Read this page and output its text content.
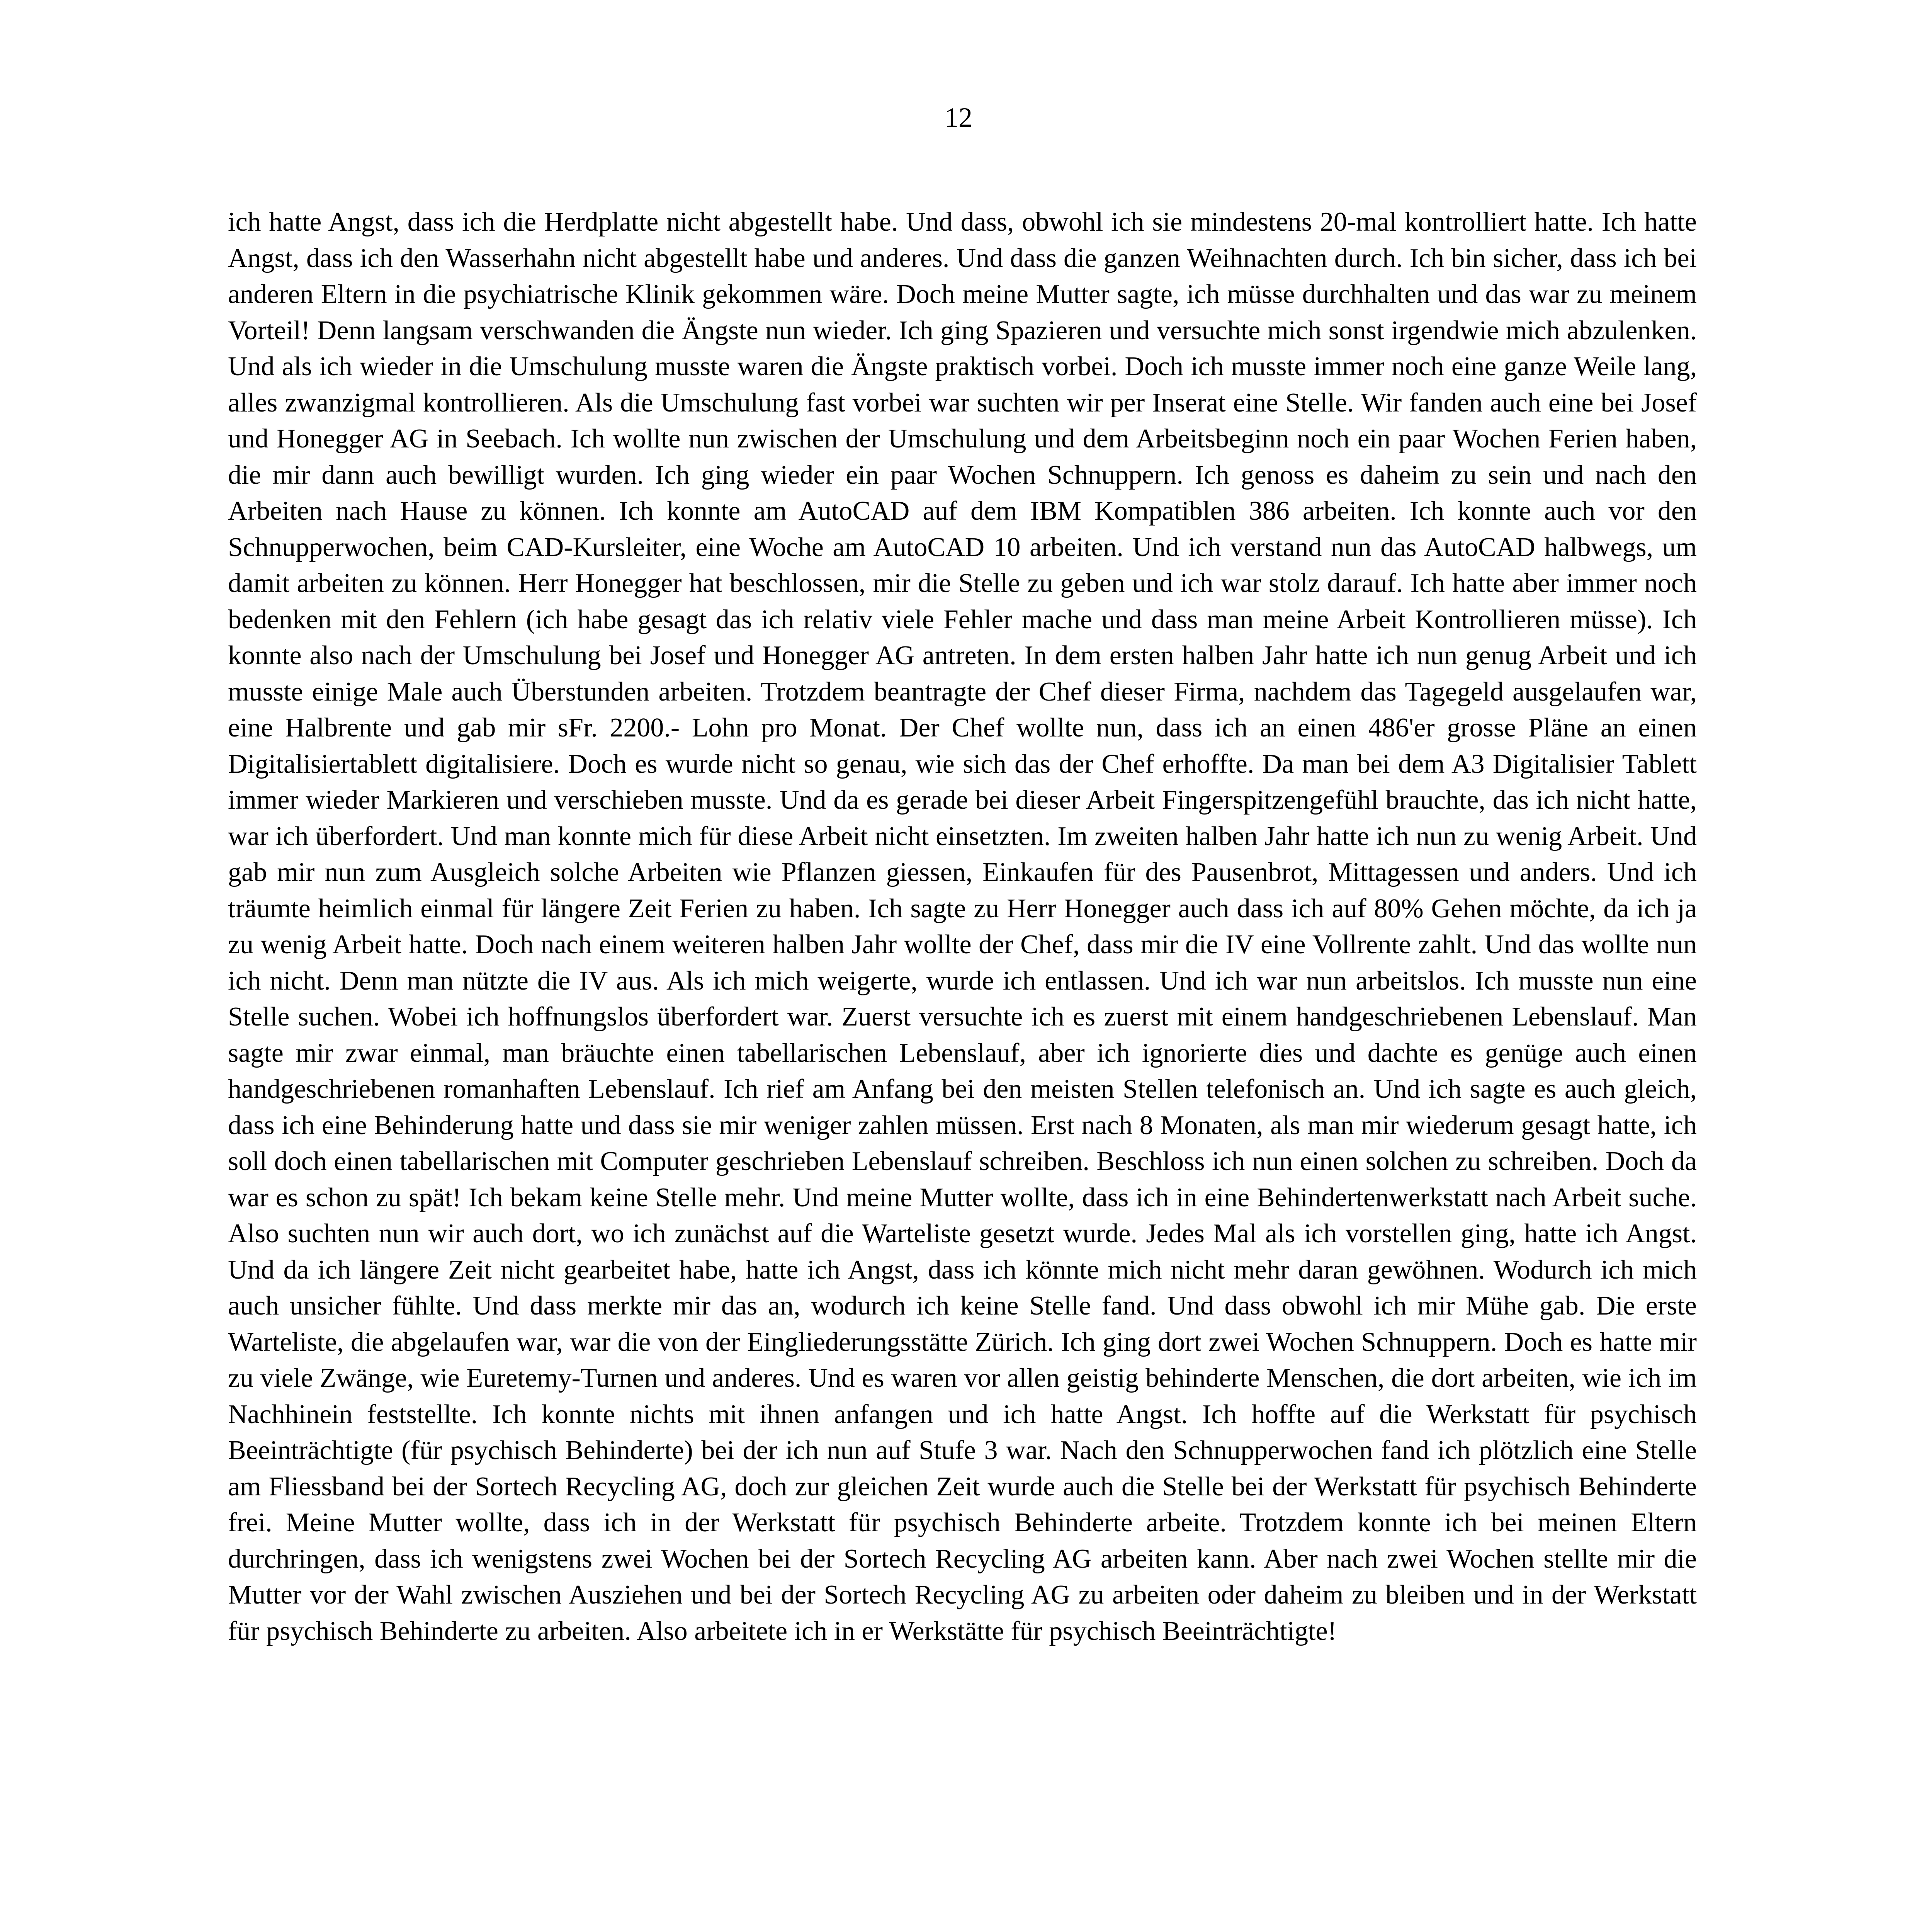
12

ich hatte Angst, dass ich die Herdplatte nicht abgestellt habe. Und dass, obwohl ich sie mindestens 20-mal kontrolliert hatte. Ich hatte Angst, dass ich den Wasserhahn nicht abgestellt habe und anderes. Und dass die ganzen Weihnachten durch. Ich bin sicher, dass ich bei anderen Eltern in die psychiatrische Klinik gekommen wäre. Doch meine Mutter sagte, ich müsse durchhalten und das war zu meinem Vorteil! Denn langsam verschwanden die Ängste nun wieder. Ich ging Spazieren und versuchte mich sonst irgendwie mich abzulenken. Und als ich wieder in die Umschulung musste waren die Ängste praktisch vorbei. Doch ich musste immer noch eine ganze Weile lang, alles zwanzigmal kontrollieren. Als die Umschulung fast vorbei war suchten wir per Inserat eine Stelle. Wir fanden auch eine bei Josef und Honegger AG in Seebach. Ich wollte nun zwischen der Umschulung und dem Arbeitsbeginn noch ein paar Wochen Ferien haben, die mir dann auch bewilligt wurden. Ich ging wieder ein paar Wochen Schnuppern. Ich genoss es daheim zu sein und nach den Arbeiten nach Hause zu können. Ich konnte am AutoCAD auf dem IBM Kompatiblen 386 arbeiten. Ich konnte auch vor den Schnupperwochen, beim CAD-Kursleiter, eine Woche am AutoCAD 10 arbeiten. Und ich verstand nun das AutoCAD halbwegs, um damit arbeiten zu können. Herr Honegger hat beschlossen, mir die Stelle zu geben und ich war stolz darauf. Ich hatte aber immer noch bedenken mit den Fehlern (ich habe gesagt das ich relativ viele Fehler mache und dass man meine Arbeit Kontrollieren müsse). Ich konnte also nach der Umschulung bei Josef und Honegger AG antreten. In dem ersten halben Jahr hatte ich nun genug Arbeit und ich musste einige Male auch Überstunden arbeiten. Trotzdem beantragte der Chef dieser Firma, nachdem das Tagegeld ausgelaufen war, eine Halbrente und gab mir sFr. 2200.- Lohn pro Monat. Der Chef wollte nun, dass ich an einen 486'er grosse Pläne an einen Digitalisiertablett digitalisiere. Doch es wurde nicht so genau, wie sich das der Chef erhoffte. Da man bei dem A3 Digitalisier Tablett immer wieder Markieren und verschieben musste. Und da es gerade bei dieser Arbeit Fingerspitzengefühl brauchte, das ich nicht hatte, war ich überfordert. Und man konnte mich für diese Arbeit nicht einsetzten. Im zweiten halben Jahr hatte ich nun zu wenig Arbeit. Und gab mir nun zum Ausgleich solche Arbeiten wie Pflanzen giessen, Einkaufen für des Pausenbrot, Mittagessen und anders. Und ich träumte heimlich einmal für längere Zeit Ferien zu haben. Ich sagte zu Herr Honegger auch dass ich auf 80% Gehen möchte, da ich ja zu wenig Arbeit hatte. Doch nach einem weiteren halben Jahr wollte der Chef, dass mir die IV eine Vollrente zahlt. Und das wollte nun ich nicht. Denn man nützte die IV aus. Als ich mich weigerte, wurde ich entlassen. Und ich war nun arbeitslos. Ich musste nun eine Stelle suchen. Wobei ich hoffnungslos überfordert war. Zuerst versuchte ich es zuerst mit einem handgeschriebenen Lebenslauf. Man sagte mir zwar einmal, man bräuchte einen tabellarischen Lebenslauf, aber ich ignorierte dies und dachte es genüge auch einen handgeschriebenen romanhaften Lebenslauf. Ich rief am Anfang bei den meisten Stellen telefonisch an. Und ich sagte es auch gleich, dass ich eine Behinderung hatte und dass sie mir weniger zahlen müssen. Erst nach 8 Monaten, als man mir wiederum gesagt hatte, ich soll doch einen tabellarischen mit Computer geschrieben Lebenslauf schreiben. Beschloss ich nun einen solchen zu schreiben. Doch da war es schon zu spät! Ich bekam keine Stelle mehr. Und meine Mutter wollte, dass ich in eine Behindertenwerkstatt nach Arbeit suche. Also suchten nun wir auch dort, wo ich zunächst auf die Warteliste gesetzt wurde. Jedes Mal als ich vorstellen ging, hatte ich Angst. Und da ich längere Zeit nicht gearbeitet habe, hatte ich Angst, dass ich könnte mich nicht mehr daran gewöhnen. Wodurch ich mich auch unsicher fühlte. Und dass merkte mir das an, wodurch ich keine Stelle fand. Und dass obwohl ich mir Mühe gab. Die erste Warteliste, die abgelaufen war, war die von der Eingliederungsstätte Zürich. Ich ging dort zwei Wochen Schnuppern. Doch es hatte mir zu viele Zwänge, wie Euretemy-Turnen und anderes. Und es waren vor allen geistig behinderte Menschen, die dort arbeiten, wie ich im Nachhinein feststellte. Ich konnte nichts mit ihnen anfangen und ich hatte Angst. Ich hoffte auf die Werkstatt für psychisch Beeinträchtigte (für psychisch Behinderte) bei der ich nun auf Stufe 3 war. Nach den Schnupperwochen fand ich plötzlich eine Stelle am Fliessband bei der Sortech Recycling AG, doch zur gleichen Zeit wurde auch die Stelle bei der Werkstatt für psychisch Behinderte frei. Meine Mutter wollte, dass ich in der Werkstatt für psychisch Behinderte arbeite. Trotzdem konnte ich bei meinen Eltern durchringen, dass ich wenigstens zwei Wochen bei der Sortech Recycling AG arbeiten kann. Aber nach zwei Wochen stellte mir die Mutter vor der Wahl zwischen Ausziehen und bei der Sortech Recycling AG zu arbeiten oder daheim zu bleiben und in der Werkstatt für psychisch Behinderte zu arbeiten. Also arbeitete ich in er Werkstätte für psychisch Beeinträchtigte!
